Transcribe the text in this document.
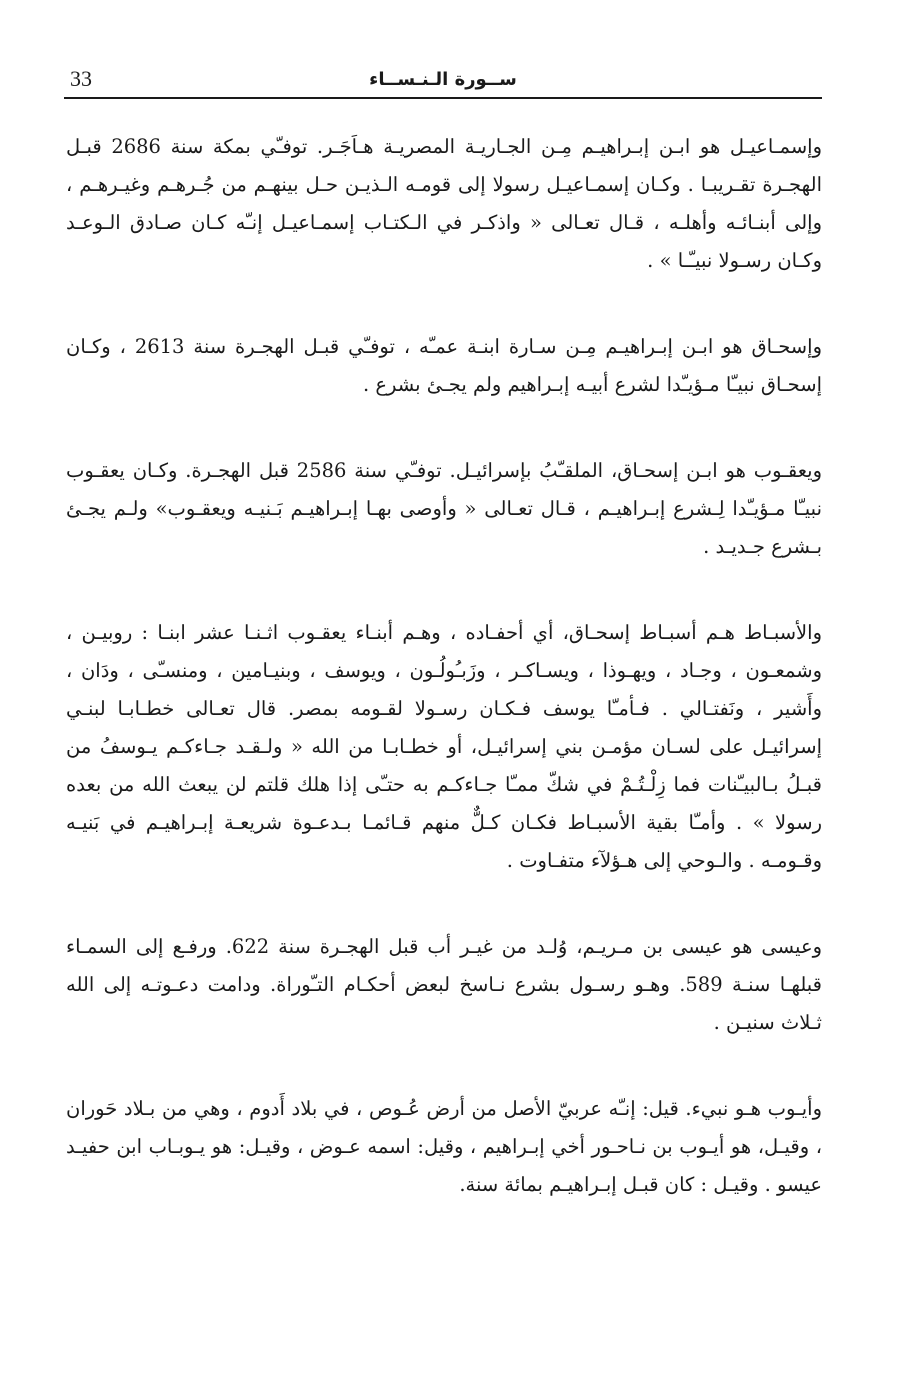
33	ســورة الـنـســاء

وإسمـاعيـل هو ابـن إبـراهيـم مِـن الجـاريـة المصريـة هـاَجَـر. توفـّي بمكة سنة 2686 قبـل الهجـرة تقـريبـا . وكـان إسمـاعيـل رسولا إلى قومـه الـذيـن حـل بينهـم من جُـرهـم وغيـرهـم ، وإلى أبنـائـه وأهلـه ، قـال تعـالى « واذكـر في الـكتـاب إسمـاعيـل إنـّه كـان صـادق الـوعـد وكـان رسـولا نبيـّـا » .

وإسحـاق هو ابـن إبـراهيـم مِـن سـارة ابنـة عمـّه ، توفـّي قبـل الهجـرة سنة 2613 ، وكـان إسحـاق نبيـّا مـؤيـّدا لشرع أبيـه إبـراهيم ولم يجـئ بشرع .

ويعقـوب هو ابـن إسحـاق، الملقـّبُ بإسرائيـل. توفـّي سنة 2586 قبل الهجـرة. وكـان يعقـوب نبيـّا مـؤيـّدا لِـشرع إبـراهيـم ، قـال تعـالى « وأوصى بهـا إبـراهيـم بَـنيـه ويعقـوب» ولـم يجـئ بـشرع جـديـد .

والأسبـاط هـم أسبـاط إسحـاق، أي أحفـاده ، وهـم أبنـاء يعقـوب اثـنـا عشر ابنـا : روبيـن ، وشمعـون ، وجـاد ، ويهـوذا ، ويسـاكـر ، وزَبـُولُـون ، ويوسف ، وبنيـامين ، ومنسـّى ، ودَان ، وأَشير ، ونَفتـالي . فـأمـّا يوسف فـكـان رسـولا لقـومه بمصر. قال تعـالى خطـابـا لبنـي إسرائيـل على لسـان مؤمـن بني إسرائيـل، أو خطـابـا من الله « ولـقـد جـاءكـم يـوسفُ من قبـلُ بـالبيـّنات فما زِلْـتُـمْ في شكّ ممـّا جـاءكـم به حتـّى إذا هلك قلتم لن يبعث الله من بعده رسولا » . وأمـّا بقية الأسبـاط فكـان كـلٌّ منهم قـائمـا بـدعـوة شريعـة إبـراهيـم في بَنيـه وقـومـه . والـوحي إلى هـؤلآء متفـاوت .

وعيسى هو عيسى بن مـريـم، وُلـد من غيـر أب قبل الهجـرة سنة 622. ورفـع إلى السمـاء قبلهـا سنـة 589. وهـو رسـول بشرع نـاسخ لبعض أحكـام التـّوراة. ودامت دعـوتـه إلى الله ثـلاث سنيـن .

وأيـوب هـو نبيء. قيل: إنـّه عربيّ الأصل من أرض عُـوص ، في بلاد أَدوم ، وهي من بـلاد حَوران ، وقيـل، هو أيـوب بن نـاحـور أخي إبـراهيم ، وقيل: اسمه عـوض ، وقيـل: هو يـوبـاب ابن حفيـد عيسو . وقيـل : كان قبـل إبـراهيـم بمائة سنة.
